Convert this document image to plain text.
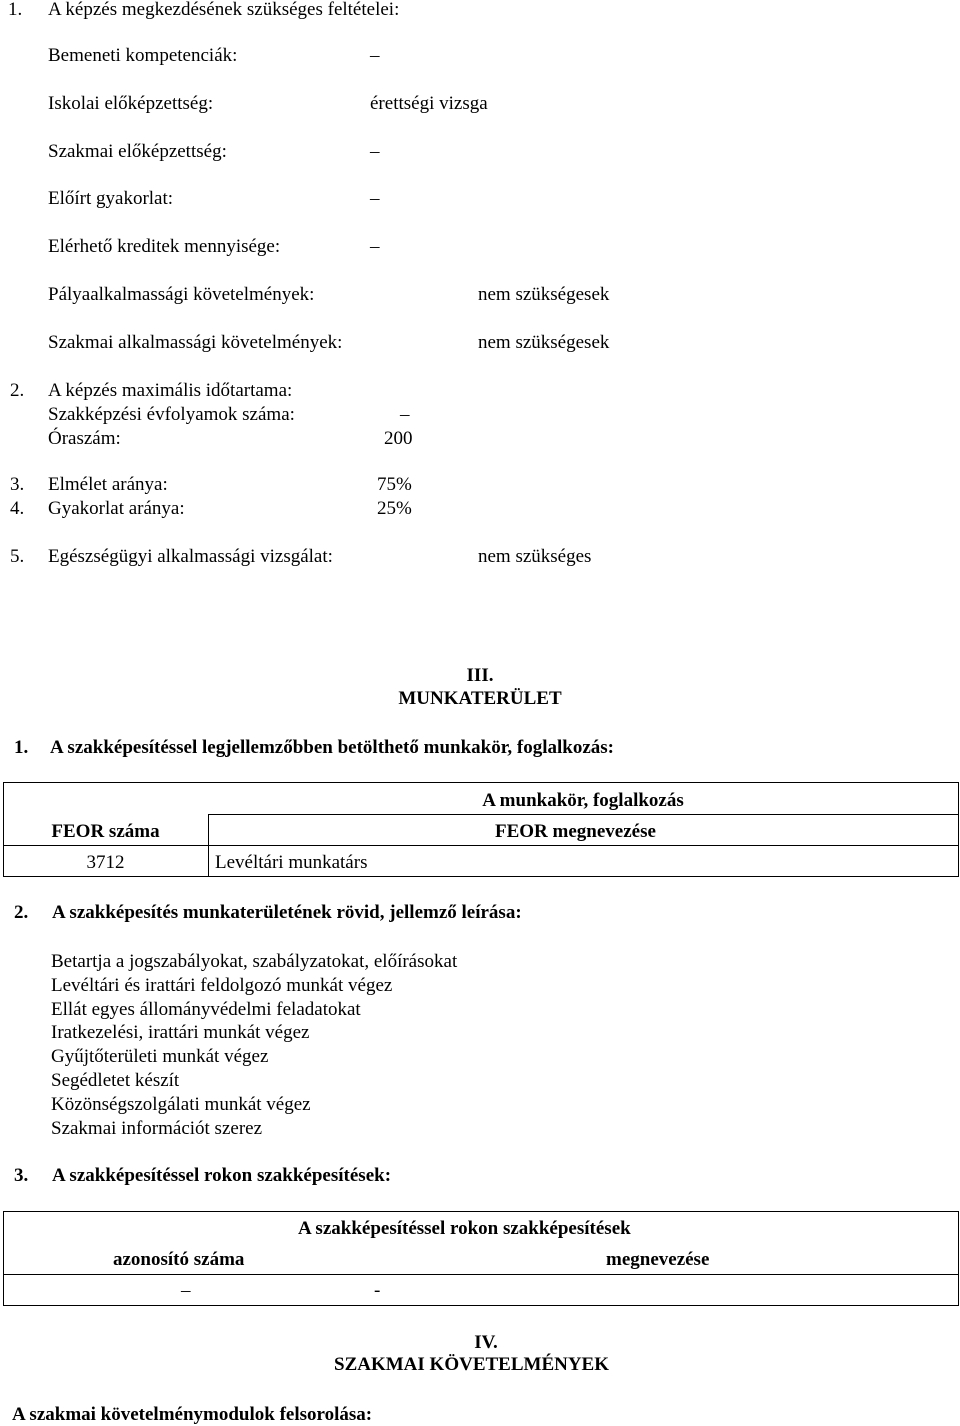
1. A képzés megkezdésének szükséges feltételei:
Bemeneti kompetenciák:	–
Iskolai előképzettség:	érettségi vizsga
Szakmai előképzettség:	–
Előírt gyakorlat:	–
Elérhető kreditek mennyisége:	–
Pályaalkalmassági követelmények:	nem szükségesek
Szakmai alkalmassági követelmények:	nem szükségesek
2. A képzés maximális időtartama:
Szakképzési évfolyamok száma:	–
Óraszám:	200
3. Elmélet aránya:	75%
4. Gyakorlat aránya:	25%
5. Egészségügyi alkalmassági vizsgálat:	nem szükséges
III.
MUNKATERÜLET
1. A szakképesítéssel legjellemzőbben betölthető munkakör, foglalkozás:
A munkakör, foglalkozás
FEOR száma	FEOR megnevezése
3712	Levéltári munkatárs
2. A szakképesítés munkaterületének rövid, jellemző leírása:
Betartja a jogszabályokat, szabályzatokat, előírásokat
Levéltári és irattári feldolgozó munkát végez
Ellát egyes állományvédelmi feladatokat
Iratkezelési, irattári munkát végez
Gyűjtőterületi munkát végez
Segédletet készít
Közönségszolgálati munkát végez
Szakmai információt szerez
3. A szakképesítéssel rokon szakképesítések:
A szakképesítéssel rokon szakképesítések
azonosító száma	megnevezése
–	-
IV.
SZAKMAI KÖVETELMÉNYEK
A szakmai követelménymodulok felsorolása:
